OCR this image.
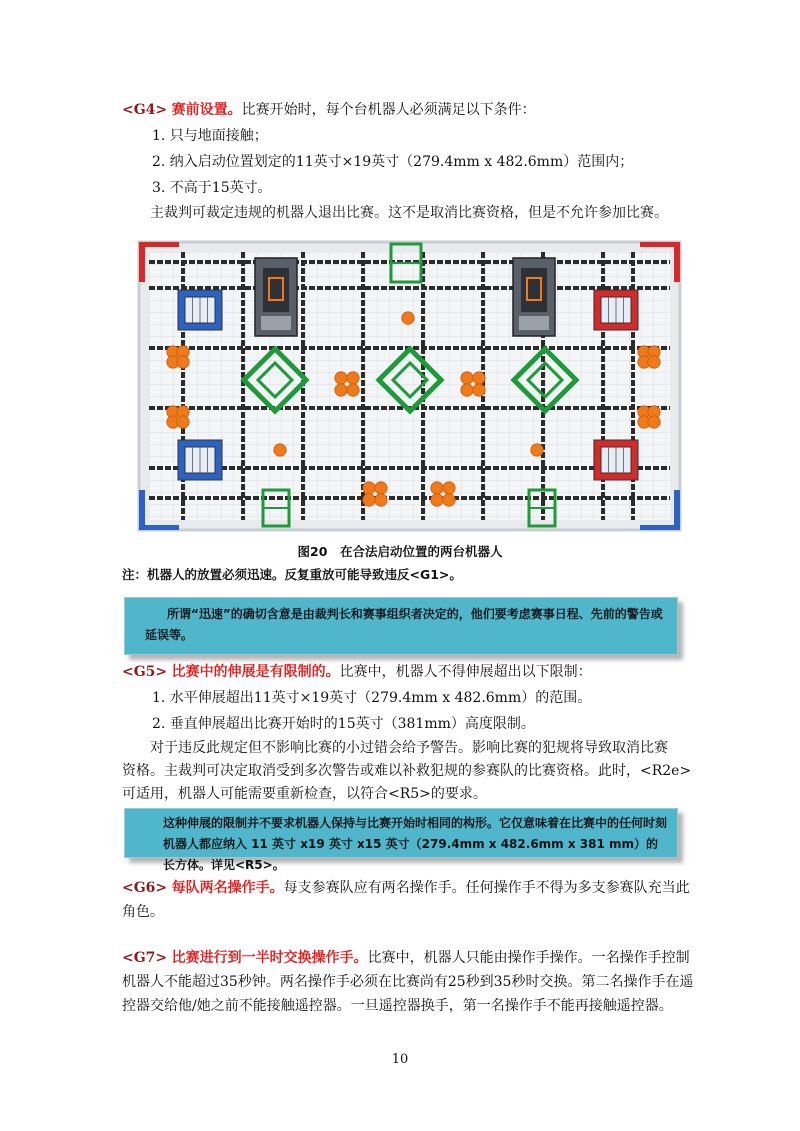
<G4> 赛前设置。比赛开始时，每个台机器人必须满足以下条件：
1. 只与地面接触；
2. 纳入启动位置划定的11英寸×19英寸（279.4mm x 482.6mm）范围内；
3. 不高于15英寸。
主裁判可裁定违规的机器人退出比赛。这不是取消比赛资格，但是不允许参加比赛。
图20　在合法启动位置的两台机器人
注：机器人的放置必须迅速。反复重放可能导致违反<G1>。
所谓“迅速”的确切含意是由裁判长和赛事组织者决定的，他们要考虑赛事日程、先前的警告或延误等。
<G5> 比赛中的伸展是有限制的。比赛中，机器人不得伸展超出以下限制：
1. 水平伸展超出11英寸×19英寸（279.4mm x 482.6mm）的范围。
2. 垂直伸展超出比赛开始时的15英寸（381mm）高度限制。
对于违反此规定但不影响比赛的小过错会给予警告。影响比赛的犯规将导致取消比赛
资格。主裁判可决定取消受到多次警告或难以补救犯规的参赛队的比赛资格。此时，<R2e>
可适用，机器人可能需要重新检查，以符合<R5>的要求。
这种伸展的限制并不要求机器人保持与比赛开始时相同的构形。它仅意味着在比赛中的任何时刻机器人都应纳入 11 英寸 x19 英寸 x15 英寸（279.4mm x 482.6mm x 381 mm）的长方体。详见<R5>。
<G6> 每队两名操作手。每支参赛队应有两名操作手。任何操作手不得为多支参赛队充当此
角色。
<G7> 比赛进行到一半时交换操作手。比赛中，机器人只能由操作手操作。一名操作手控制
机器人不能超过35秒钟。两名操作手必须在比赛尚有25秒到35秒时交换。第二名操作手在遥
控器交给他/她之前不能接触遥控器。一旦遥控器换手，第一名操作手不能再接触遥控器。
10
